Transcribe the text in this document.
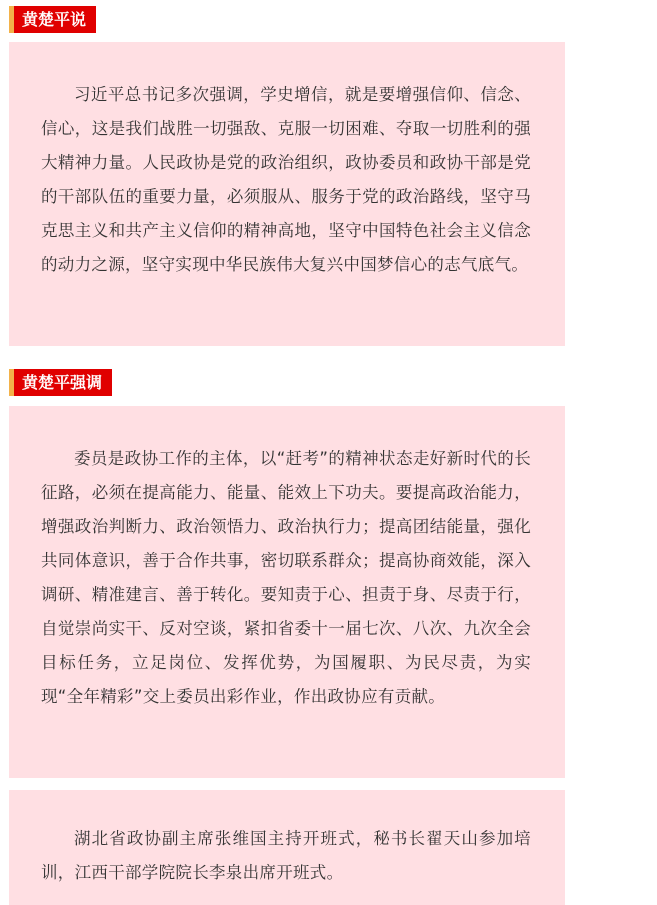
黄楚平说

习近平总书记多次强调，学史增信，就是要增强信仰、信念、信心，这是我们战胜一切强敌、克服一切困难、夺取一切胜利的强大精神力量。人民政协是党的政治组织，政协委员和政协干部是党的干部队伍的重要力量，必须服从、服务于党的政治路线，坚守马克思主义和共产主义信仰的精神高地，坚守中国特色社会主义信念的动力之源，坚守实现中华民族伟大复兴中国梦信心的志气底气。

黄楚平强调

委员是政协工作的主体，以“赶考”的精神状态走好新时代的长征路，必须在提高能力、能量、能效上下功夫。要提高政治能力，增强政治判断力、政治领悟力、政治执行力；提高团结能量，强化共同体意识，善于合作共事，密切联系群众；提高协商效能，深入调研、精准建言、善于转化。要知责于心、担责于身、尽责于行，自觉崇尚实干、反对空谈，紧扣省委十一届七次、八次、九次全会目标任务，立足岗位、发挥优势，为国履职、为民尽责，为实现“全年精彩”交上委员出彩作业，作出政协应有贡献。

湖北省政协副主席张维国主持开班式，秘书长翟天山参加培训，江西干部学院院长李泉出席开班式。
